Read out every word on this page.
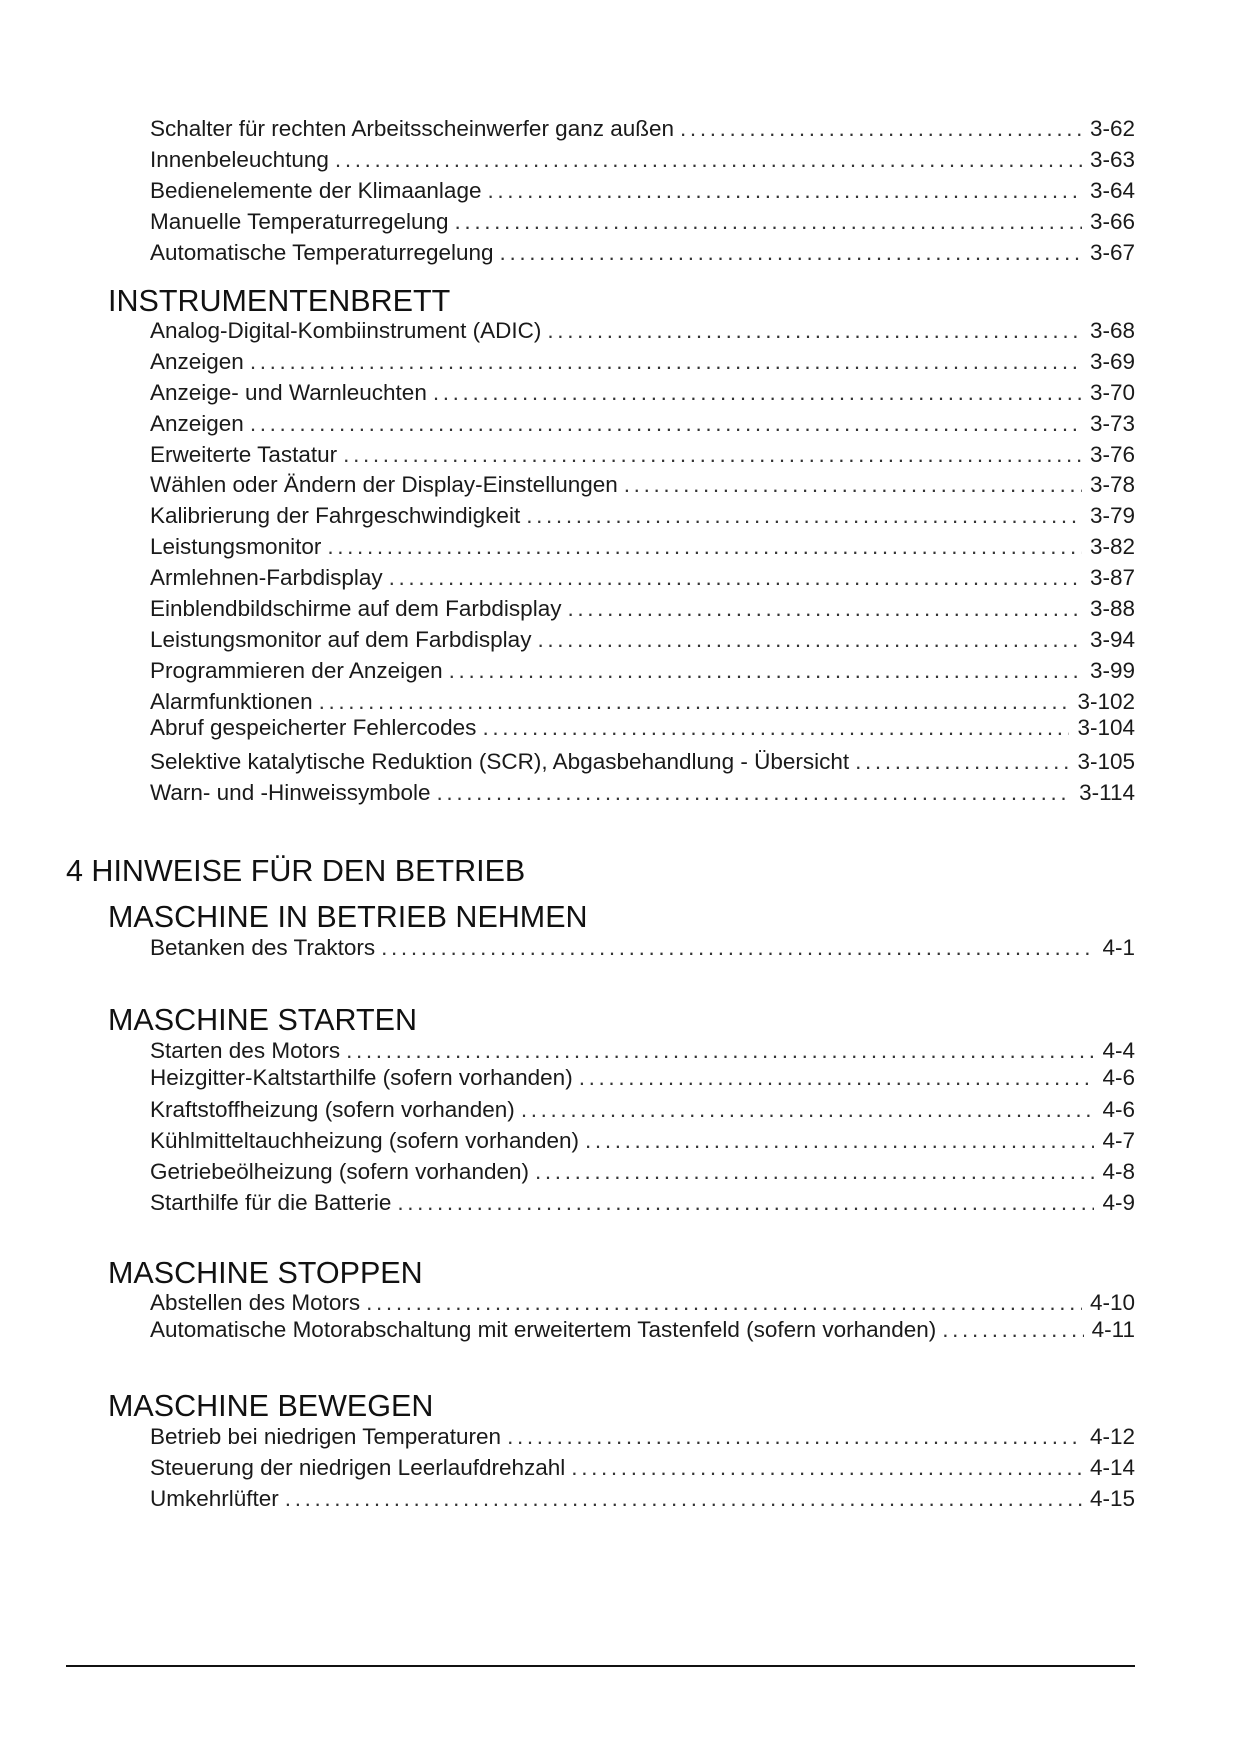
Schalter für rechten Arbeitsscheinwerfer ganz außen . . .	3-62
Innenbeleuchtung . . .	3-63
Bedienelemente der Klimaanlage . . .	3-64
Manuelle Temperaturregelung . . .	3-66
Automatische Temperaturregelung . . .	3-67
INSTRUMENTENBRETT
Analog-Digital-Kombiinstrument (ADIC) . . .	3-68
Anzeigen . . .	3-69
Anzeige- und Warnleuchten . . .	3-70
Anzeigen . . .	3-73
Erweiterte Tastatur . . .	3-76
Wählen oder Ändern der Display-Einstellungen . . .	3-78
Kalibrierung der Fahrgeschwindigkeit . . .	3-79
Leistungsmonitor . . .	3-82
Armlehnen-Farbdisplay . . .	3-87
Einblendbildschirme auf dem Farbdisplay . . .	3-88
Leistungsmonitor auf dem Farbdisplay . . .	3-94
Programmieren der Anzeigen . . .	3-99
Alarmfunktionen . . .	3-102
Abruf gespeicherter Fehlercodes . . .	3-104
Selektive katalytische Reduktion (SCR), Abgasbehandlung - Übersicht . . .	3-105
Warn- und -Hinweissymbole . . .	3-114
4 HINWEISE FÜR DEN BETRIEB
MASCHINE IN BETRIEB NEHMEN
Betanken des Traktors . . .	4-1
MASCHINE STARTEN
Starten des Motors . . .	4-4
Heizgitter-Kaltstarthilfe (sofern vorhanden) . . .	4-6
Kraftstoffheizung (sofern vorhanden) . . .	4-6
Kühlmitteltauchheizung (sofern vorhanden) . . .	4-7
Getriebeölheizung (sofern vorhanden) . . .	4-8
Starthilfe für die Batterie . . .	4-9
MASCHINE STOPPEN
Abstellen des Motors . . .	4-10
Automatische Motorabschaltung mit erweitertem Tastenfeld (sofern vorhanden) . . .	4-11
MASCHINE BEWEGEN
Betrieb bei niedrigen Temperaturen . . .	4-12
Steuerung der niedrigen Leerlaufdrehzahl . . .	4-14
Umkehrlüfter . . .	4-15
